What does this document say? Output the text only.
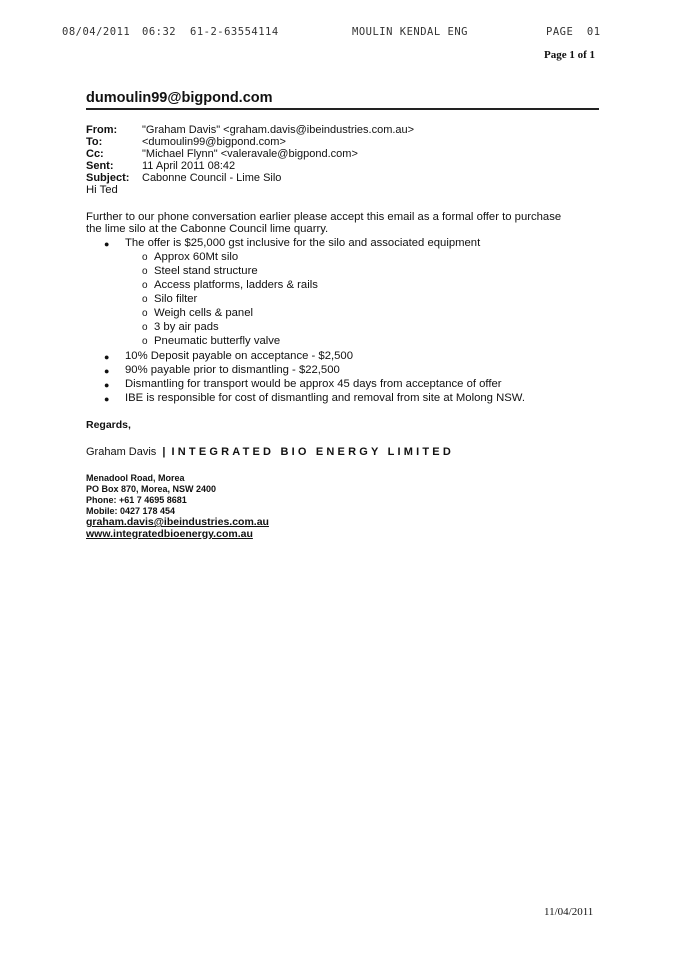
08/04/2011 06:32 61-2-63554114	MOULIN KENDAL ENG	PAGE  01
Page 1 of 1
dumoulin99@bigpond.com
From: "Graham Davis" <graham.davis@ibeindustries.com.au>
To:	<dumoulin99@bigpond.com>
Cc:	"Michael Flynn" <valeravale@bigpond.com>
Sent:	11 April 2011 08:42
Subject: Cabonne Council - Lime Silo
Hi Ted
Further to our phone conversation earlier please accept this email as a formal offer to purchase
the lime silo at the Cabonne Council lime quarry.
● The offer is $25,000 gst inclusive for the silo and associated equipment
o Approx 60Mt silo
o Steel stand structure
o Access platforms, ladders & rails
o Silo filter
o Weigh cells & panel
o 3 by air pads
o Pneumatic butterfly valve
● 10% Deposit payable on acceptance - $2,500
● 90% payable prior to dismantling - $22,500
● Dismantling for transport would be approx 45 days from acceptance of offer
● IBE is responsible for cost of dismantling and removal from site at Molong NSW.
Regards,
Graham Davis | INTEGRATED BIO ENERGY LIMITED
Menadool Road, Morea
PO Box 870, Morea, NSW 2400
Phone: +61 7 4695 8681
Mobile: 0427 178 454
graham.davis@ibeindustries.com.au
www.integratedbioenergy.com.au
11/04/2011
